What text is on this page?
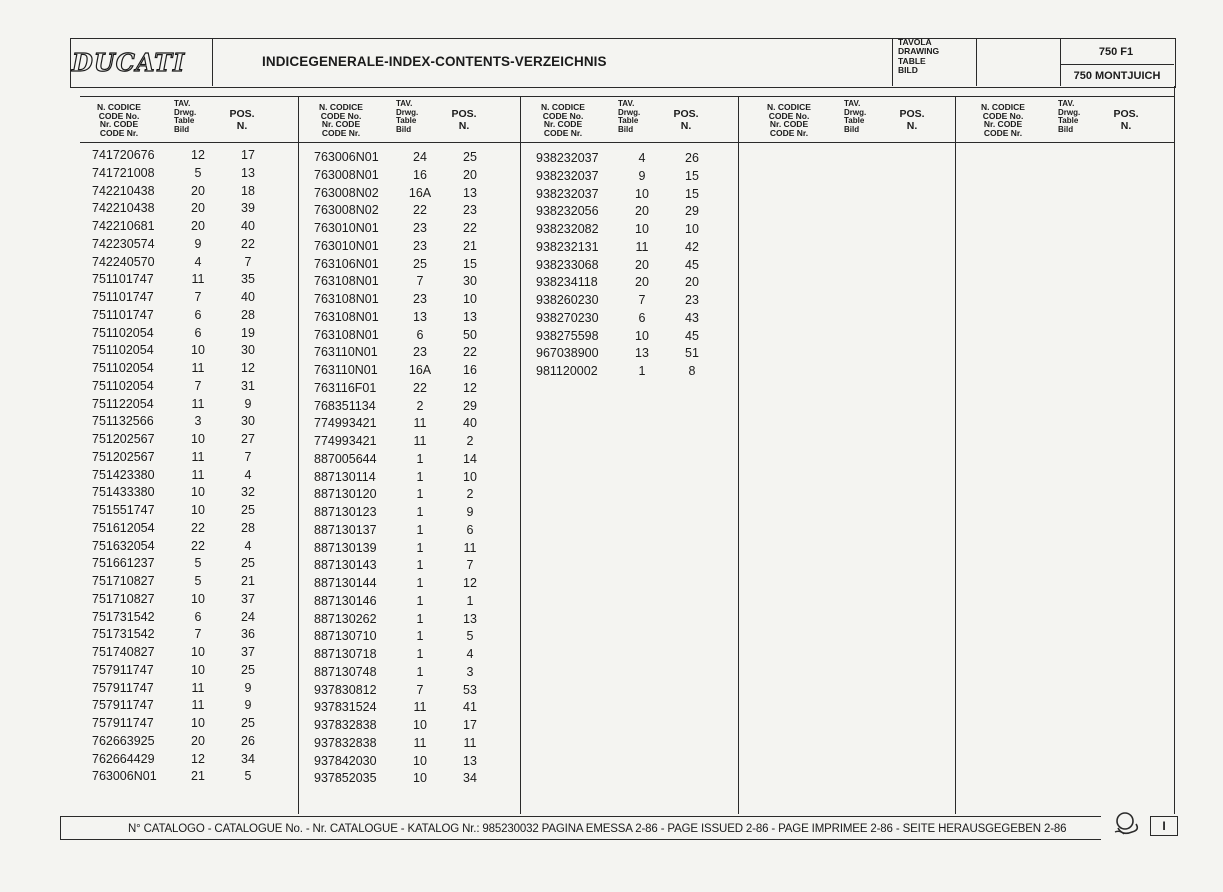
DUCATI	INDICEGENERALE-INDEX-CONTENTS-VERZEICHNIS
TAVOLA
DRAWING
TABLE
BILD
750 F1
750 MONTJUICH
N. CODICE
CODE No.
Nr. CODE
CODE Nr.
TAV.
Drwg.
Table
Bild
POS.
N.
N. CODICE
CODE No.
Nr. CODE
CODE Nr.
TAV.
Drwg.
Table
Bild
POS.
N.
N. CODICE
CODE No.
Nr. CODE
CODE Nr.
TAV.
Drwg.
Table
Bild
POS.
N.
N. CODICE
CODE No.
Nr. CODE
CODE Nr.
TAV.
Drwg.
Table
Bild
POS.
N.
N. CODICE
CODE No.
Nr. CODE
CODE Nr.
TAV.
Drwg.
Table
Bild
POS.
N.
741720676	12	17
741721008	5	13
742210438	20	18
742210438	20	39
742210681	20	40
742230574	9	22
742240570	4	7
751101747	11	35
751101747	7	40
751101747	6	28
751102054	6	19
751102054	10	30
751102054	11	12
751102054	7	31
751122054	11	9
751132566	3	30
751202567	10	27
751202567	11	7
751423380	11	4
751433380	10	32
751551747	10	25
751612054	22	28
751632054	22	4
751661237	5	25
751710827	5	21
751710827	10	37
751731542	6	24
751731542	7	36
751740827	10	37
757911747	10	25
757911747	11	9
757911747	11	9
757911747	10	25
762663925	20	26
762664429	12	34
763006N01	21	5
763006N01	24	25
763008N01	16	20
763008N02 16A	13
763008N02	22	23
763010N01	23	22
763010N01	23	21
763106N01	25	15
763108N01	7	30
763108N01	23	10
763108N01	13	13
763108N01	6	50
763110N01	23	22
763110N01 16A	16
763116F01	22	12
768351134	2	29
774993421	11	40
774993421	11	2
887005644	1	14
887130114	1	10
887130120	1	2
887130123	1	9
887130137	1	6
887130139	1	11
887130143	1	7
887130144	1	12
887130146	1	1
887130262	1	13
887130710	1	5
887130718	1	4
887130748	1	3
937830812	7	53
937831524	11	41
937832838	10	17
937832838	11	11
937842030	10	13
937852035	10	34
938232037	4	26
938232037	9	15
938232037	10	15
938232056	20	29
938232082	10	10
938232131	11	42
938233068	20	45
938234118	20	20
938260230	7	23
938270230	6	43
938275598	10	45
967038900	13	51
981120002	1	8
N° CATALOGO - CATALOGUE No. - Nr. CATALOGUE - KATALOG Nr.: 985230032 PAGINA EMESSA 2-86 - PAGE ISSUED 2-86 - PAGE IMPRIMEE 2-86 - SEITE HERAUSGEGEBEN 2-86	I
